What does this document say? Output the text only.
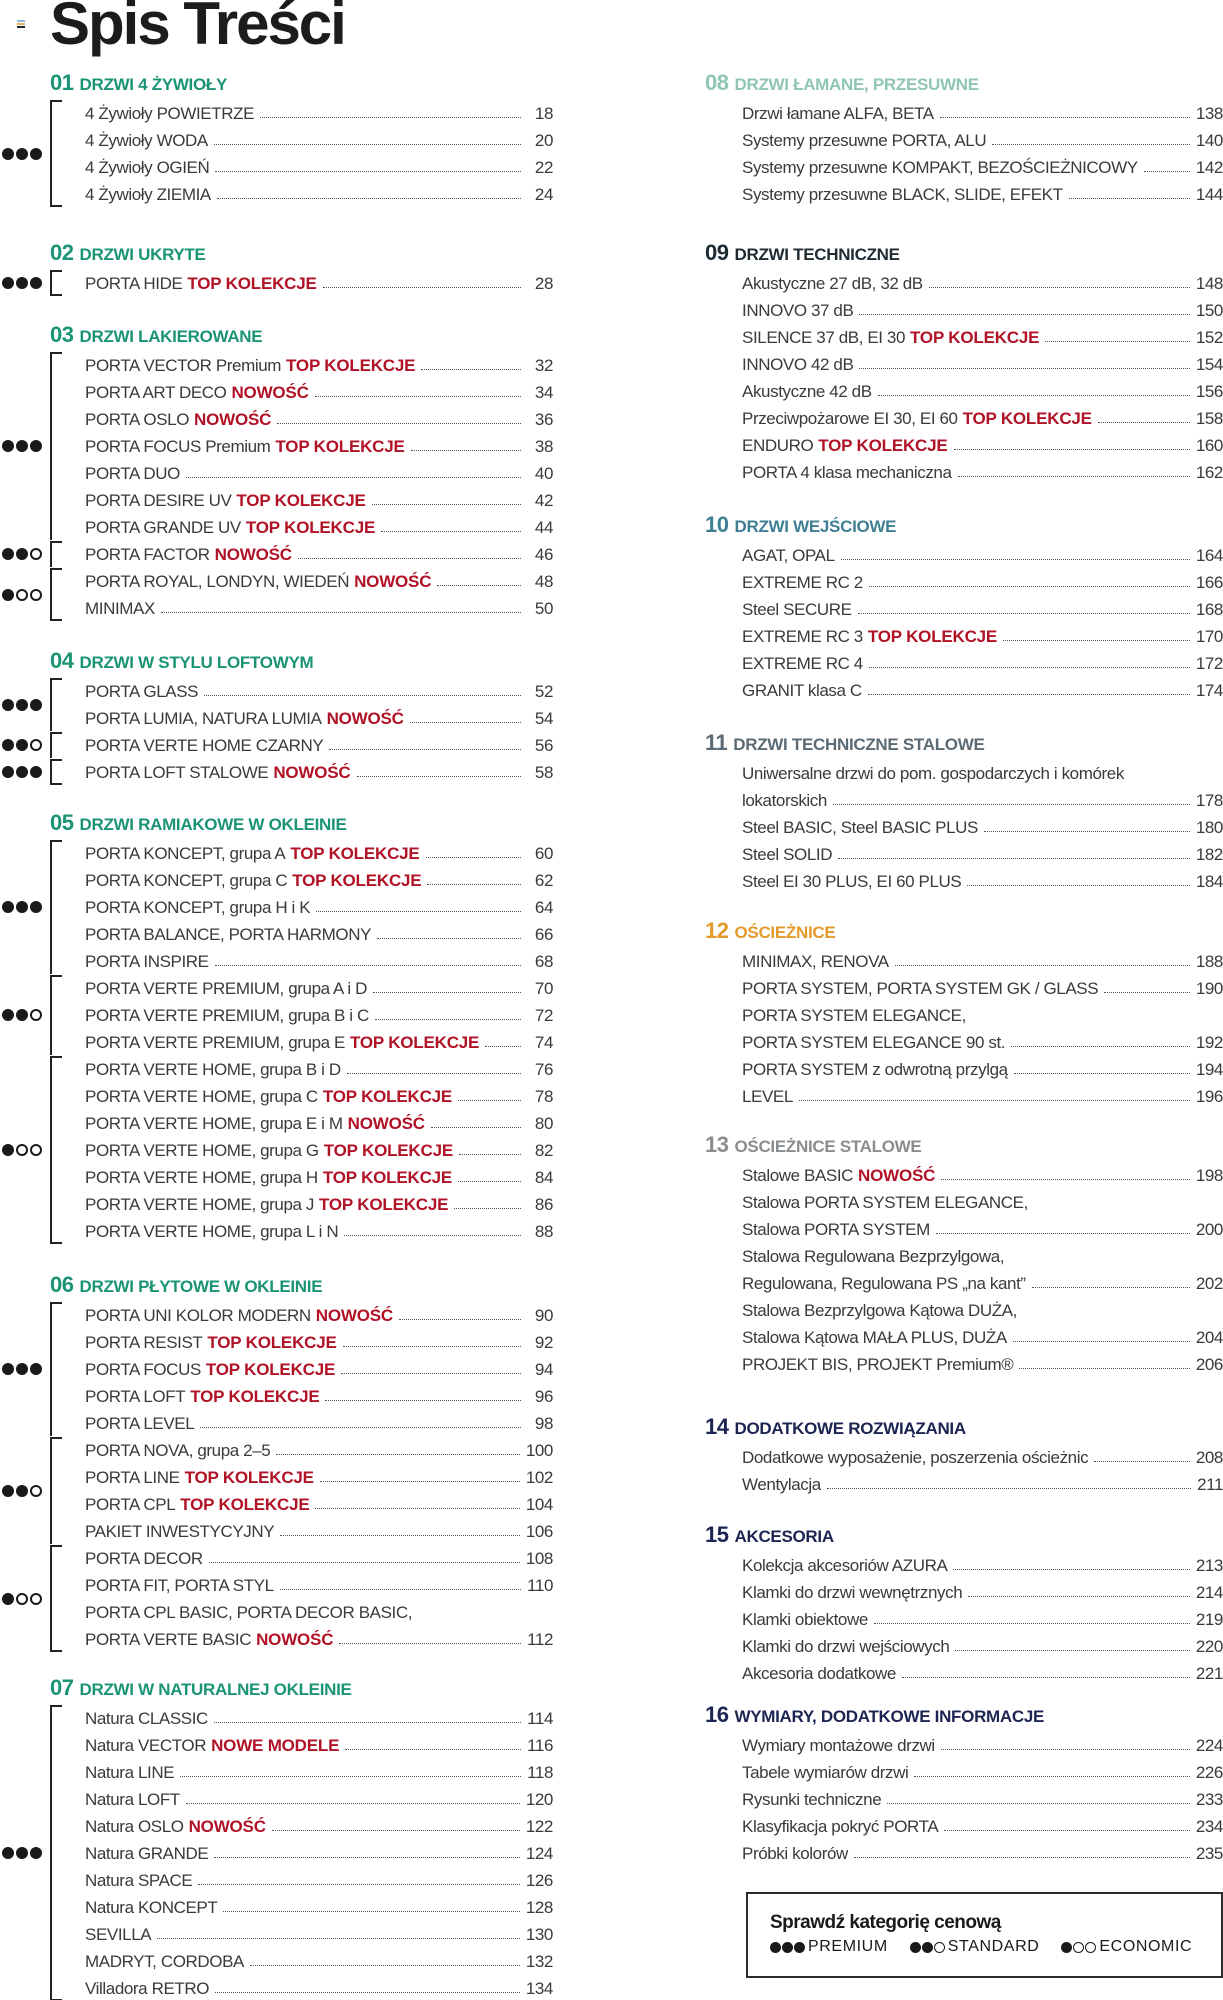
Spis Treści
01 DRZWI 4 ŻYWIOŁY
4 Żywioły POWIETRZE	18
4 Żywioły WODA	20
4 Żywioły OGIEŃ	22
4 Żywioły ZIEMIA	24
02 DRZWI UKRYTE
PORTA HIDE TOP KOLEKCJE	28
03 DRZWI LAKIEROWANE
PORTA VECTOR Premium TOP KOLEKCJE	32
PORTA ART DECO NOWOŚĆ	34
PORTA OSLO NOWOŚĆ	36
PORTA FOCUS Premium TOP KOLEKCJE	38
PORTA DUO	40
PORTA DESIRE UV TOP KOLEKCJE	42
PORTA GRANDE UV TOP KOLEKCJE	44
PORTA FACTOR NOWOŚĆ	46
PORTA ROYAL, LONDYN, WIEDEŃ NOWOŚĆ	48
MINIMAX	50
04 DRZWI W STYLU LOFTOWYM
PORTA GLASS	52
PORTA LUMIA, NATURA LUMIA NOWOŚĆ	54
PORTA VERTE HOME CZARNY	56
PORTA LOFT STALOWE NOWOŚĆ	58
05 DRZWI RAMIAKOWE W OKLEINIE
PORTA KONCEPT, grupa A TOP KOLEKCJE	60
PORTA KONCEPT, grupa C TOP KOLEKCJE	62
PORTA KONCEPT, grupa H i K	64
PORTA BALANCE, PORTA HARMONY	66
PORTA INSPIRE	68
PORTA VERTE PREMIUM, grupa A i D	70
PORTA VERTE PREMIUM, grupa B i C	72
PORTA VERTE PREMIUM, grupa E TOP KOLEKCJE	74
PORTA VERTE HOME, grupa B i D	76
PORTA VERTE HOME, grupa C TOP KOLEKCJE	78
PORTA VERTE HOME, grupa E i M NOWOŚĆ	80
PORTA VERTE HOME, grupa G TOP KOLEKCJE	82
PORTA VERTE HOME, grupa H TOP KOLEKCJE	84
PORTA VERTE HOME, grupa J TOP KOLEKCJE	86
PORTA VERTE HOME, grupa L i N	88
06 DRZWI PŁYTOWE W OKLEINIE
PORTA UNI KOLOR MODERN NOWOŚĆ	90
PORTA RESIST TOP KOLEKCJE	92
PORTA FOCUS TOP KOLEKCJE	94
PORTA LOFT TOP KOLEKCJE	96
PORTA LEVEL	98
PORTA NOVA, grupa 2–5	100
PORTA LINE TOP KOLEKCJE	102
PORTA CPL TOP KOLEKCJE	104
PAKIET INWESTYCYJNY	106
PORTA DECOR	108
PORTA FIT, PORTA STYL	110
PORTA CPL BASIC, PORTA DECOR BASIC,
PORTA VERTE BASIC NOWOŚĆ	112
07 DRZWI W NATURALNEJ OKLEINIE
Natura CLASSIC	114
Natura VECTOR NOWE MODELE	116
Natura LINE	118
Natura LOFT	120
Natura OSLO NOWOŚĆ	122
Natura GRANDE	124
Natura SPACE	126
Natura KONCEPT	128
SEVILLA	130
MADRYT, CORDOBA	132
Villadora RETRO	134
08 DRZWI ŁAMANE, PRZESUWNE
Drzwi łamane ALFA, BETA	138
Systemy przesuwne PORTA, ALU	140
Systemy przesuwne KOMPAKT, BEZOŚCIEŻNICOWY	142
Systemy przesuwne BLACK, SLIDE, EFEKT	144
09 DRZWI TECHNICZNE
Akustyczne 27 dB, 32 dB	148
INNOVO 37 dB	150
SILENCE 37 dB, EI 30 TOP KOLEKCJE	152
INNOVO 42 dB	154
Akustyczne 42 dB	156
Przeciwpożarowe EI 30, EI 60 TOP KOLEKCJE	158
ENDURO TOP KOLEKCJE	160
PORTA 4 klasa mechaniczna	162
10 DRZWI WEJŚCIOWE
AGAT, OPAL	164
EXTREME RC 2	166
Steel SECURE	168
EXTREME RC 3 TOP KOLEKCJE	170
EXTREME RC 4	172
GRANIT klasa C	174
11 DRZWI TECHNICZNE STALOWE
Uniwersalne drzwi do pom. gospodarczych i komórek
lokatorskich	178
Steel BASIC, Steel BASIC PLUS	180
Steel SOLID	182
Steel EI 30 PLUS, EI 60 PLUS	184
12 OŚCIEŻNICE
MINIMAX, RENOVA	188
PORTA SYSTEM, PORTA SYSTEM GK / GLASS	190
PORTA SYSTEM ELEGANCE,
PORTA SYSTEM ELEGANCE 90 st.	192
PORTA SYSTEM z odwrotną przylgą	194
LEVEL	196
13 OŚCIEŻNICE STALOWE
Stalowe BASIC NOWOŚĆ	198
Stalowa PORTA SYSTEM ELEGANCE,
Stalowa PORTA SYSTEM	200
Stalowa Regulowana Bezprzylgowa,
Regulowana, Regulowana PS „na kant”	202
Stalowa Bezprzylgowa Kątowa DUŻA,
Stalowa Kątowa MAŁA PLUS, DUŻA	204
PROJEKT BIS, PROJEKT Premium®	206
14 DODATKOWE ROZWIĄZANIA
Dodatkowe wyposażenie, poszerzenia ościeżnic	208
Wentylacja	211
15 AKCESORIA
Kolekcja akcesoriów AZURA	213
Klamki do drzwi wewnętrznych	214
Klamki obiektowe	219
Klamki do drzwi wejściowych	220
Akcesoria dodatkowe	221
16 WYMIARY, DODATKOWE INFORMACJE
Wymiary montażowe drzwi	224
Tabele wymiarów drzwi	226
Rysunki techniczne	233
Klasyfikacja pokryć PORTA	234
Próbki kolorów	235
Sprawdź kategorię cenową
PREMIUM	STANDARD	ECONOMIC
